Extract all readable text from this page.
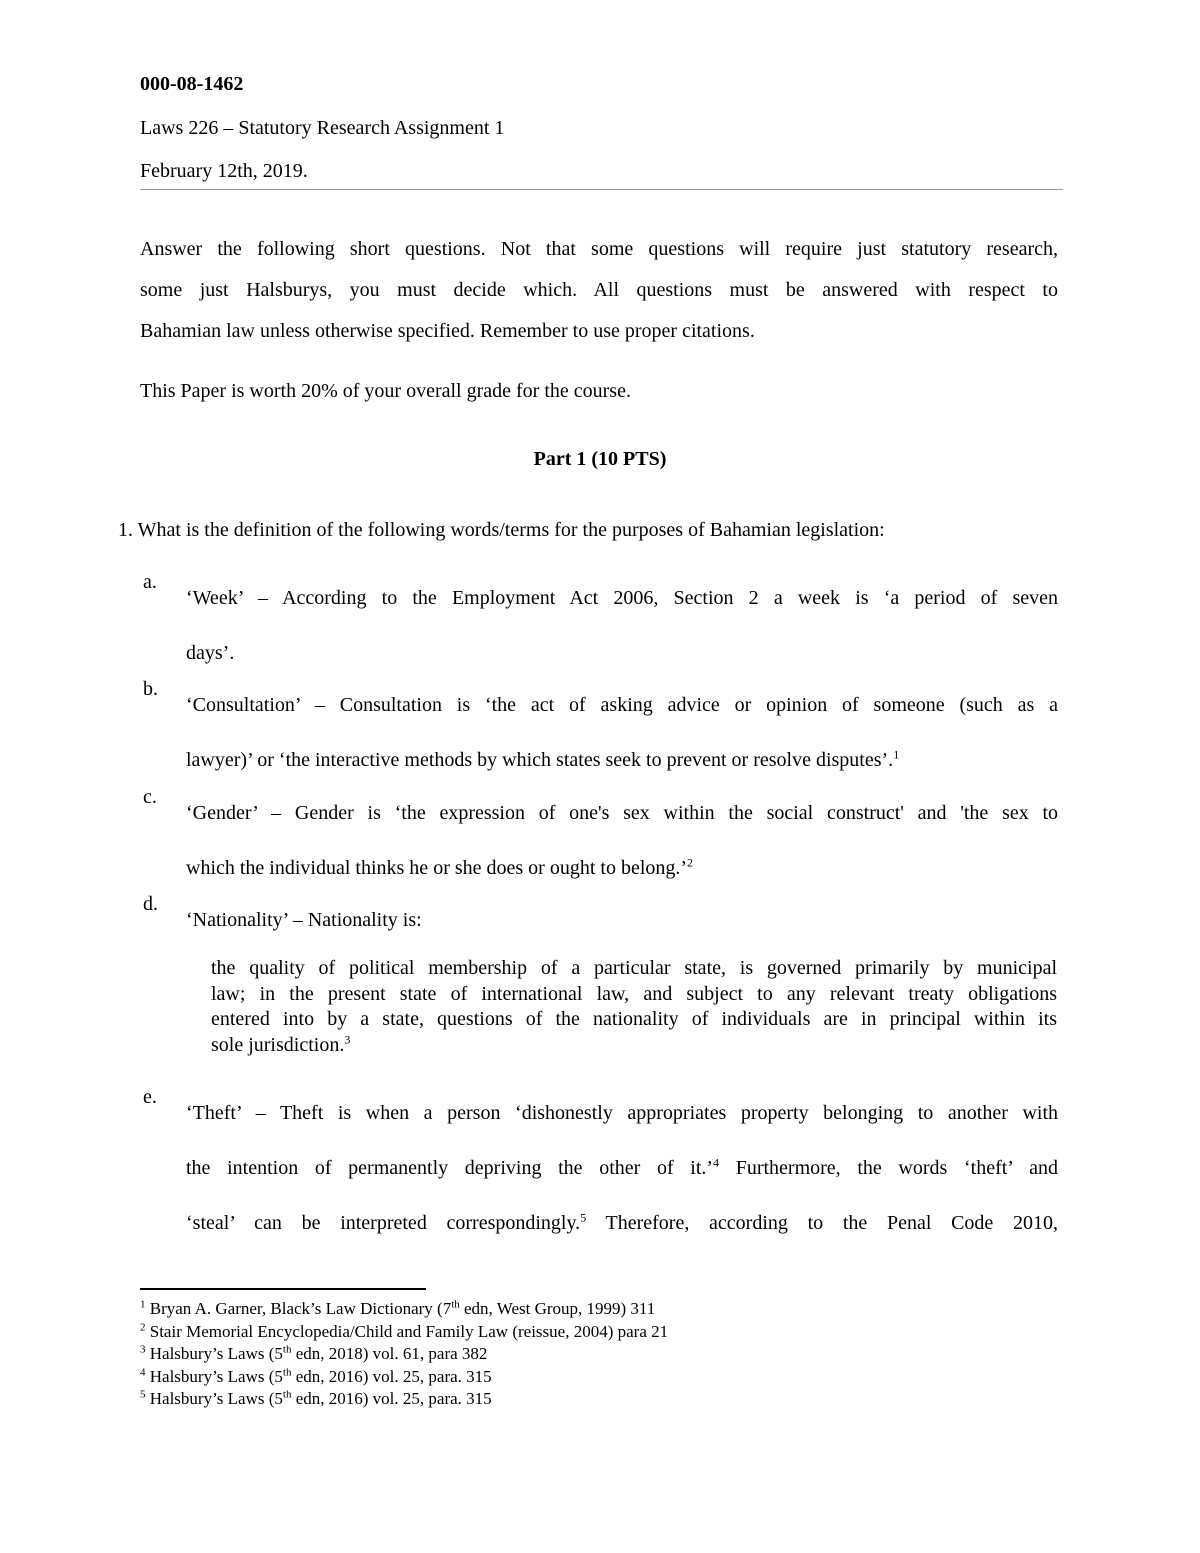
000-08-1462
Laws 226 – Statutory Research Assignment 1
February 12th, 2019.
Answer the following short questions. Not that some questions will require just statutory research,
some just Halsburys, you must decide which. All questions must be answered with respect to
Bahamian law unless otherwise specified. Remember to use proper citations.
This Paper is worth 20% of your overall grade for the course.
Part 1 (10 PTS)
1. What is the definition of the following words/terms for the purposes of Bahamian legislation:
a.
‘Week’ – According to the Employment Act 2006, Section 2 a week is ‘a period of seven
days’.
b.
‘Consultation’ – Consultation is ‘the act of asking advice or opinion of someone (such as a
lawyer)’ or ‘the interactive methods by which states seek to prevent or resolve disputes’.$^1$
c.
‘Gender’ – Gender is ‘the expression of one's sex within the social construct' and 'the sex to
which the individual thinks he or she does or ought to belong.’$^2$
d.
‘Nationality’ – Nationality is:
the quality of political membership of a particular state, is governed primarily by municipal
law; in the present state of international law, and subject to any relevant treaty obligations
entered into by a state, questions of the nationality of individuals are in principal within its
sole jurisdiction.$^3$
e.
‘Theft’ – Theft is when a person ‘dishonestly appropriates property belonging to another with
the intention of permanently depriving the other of it.’$^4$ Furthermore, the words ‘theft’ and
‘steal’ can be interpreted correspondingly.$^5$ Therefore, according to the Penal Code 2010,
$^1$ Bryan A. Garner, Black’s Law Dictionary (7th edn, West Group, 1999) 311
$^2$ Stair Memorial Encyclopedia/Child and Family Law (reissue, 2004) para 21
$^3$ Halsbury’s Laws (5th edn, 2018) vol. 61, para 382
$^4$ Halsbury’s Laws (5th edn, 2016) vol. 25, para. 315
$^5$ Halsbury’s Laws (5th edn, 2016) vol. 25, para. 315
